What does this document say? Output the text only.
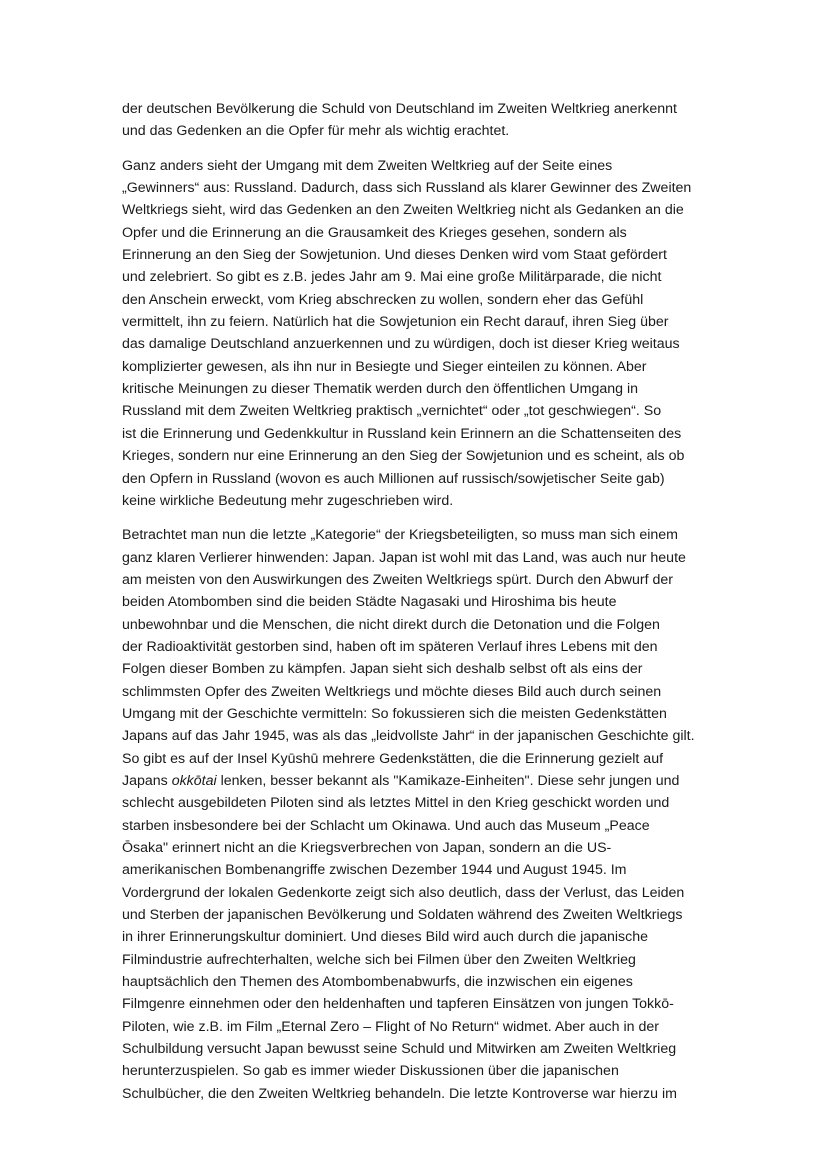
der deutschen Bevölkerung die Schuld von Deutschland im Zweiten Weltkrieg anerkennt
und das Gedenken an die Opfer für mehr als wichtig erachtet.
Ganz anders sieht der Umgang mit dem Zweiten Weltkrieg auf der Seite eines
„Gewinners“ aus: Russland. Dadurch, dass sich Russland als klarer Gewinner des Zweiten
Weltkriegs sieht, wird das Gedenken an den Zweiten Weltkrieg nicht als Gedanken an die
Opfer und die Erinnerung an die Grausamkeit des Krieges gesehen, sondern als
Erinnerung an den Sieg der Sowjetunion. Und dieses Denken wird vom Staat gefördert
und zelebriert. So gibt es z.B. jedes Jahr am 9. Mai eine große Militärparade, die nicht
den Anschein erweckt, vom Krieg abschrecken zu wollen, sondern eher das Gefühl
vermittelt, ihn zu feiern. Natürlich hat die Sowjetunion ein Recht darauf, ihren Sieg über
das damalige Deutschland anzuerkennen und zu würdigen, doch ist dieser Krieg weitaus
komplizierter gewesen, als ihn nur in Besiegte und Sieger einteilen zu können. Aber
kritische Meinungen zu dieser Thematik werden durch den öffentlichen Umgang in
Russland mit dem Zweiten Weltkrieg praktisch „vernichtet“ oder „tot geschwiegen“. So
ist die Erinnerung und Gedenkkultur in Russland kein Erinnern an die Schattenseiten des
Krieges, sondern nur eine Erinnerung an den Sieg der Sowjetunion und es scheint, als ob
den Opfern in Russland (wovon es auch Millionen auf russisch/sowjetischer Seite gab)
keine wirkliche Bedeutung mehr zugeschrieben wird.
Betrachtet man nun die letzte „Kategorie“ der Kriegsbeteiligten, so muss man sich einem
ganz klaren Verlierer hinwenden: Japan. Japan ist wohl mit das Land, was auch nur heute
am meisten von den Auswirkungen des Zweiten Weltkriegs spürt. Durch den Abwurf der
beiden Atombomben sind die beiden Städte Nagasaki und Hiroshima bis heute
unbewohnbar und die Menschen, die nicht direkt durch die Detonation und die Folgen
der Radioaktivität gestorben sind, haben oft im späteren Verlauf ihres Lebens mit den
Folgen dieser Bomben zu kämpfen. Japan sieht sich deshalb selbst oft als eins der
schlimmsten Opfer des Zweiten Weltkriegs und möchte dieses Bild auch durch seinen
Umgang mit der Geschichte vermitteln: So fokussieren sich die meisten Gedenkstätten
Japans auf das Jahr 1945, was als das „leidvollste Jahr“ in der japanischen Geschichte gilt.
So gibt es auf der Insel Kyūshū mehrere Gedenkstätten, die die Erinnerung gezielt auf
Japans okkōtai lenken, besser bekannt als "Kamikaze-Einheiten". Diese sehr jungen und
schlecht ausgebildeten Piloten sind als letztes Mittel in den Krieg geschickt worden und
starben insbesondere bei der Schlacht um Okinawa. Und auch das Museum „Peace
Ōsaka" erinnert nicht an die Kriegsverbrechen von Japan, sondern an die US-
amerikanischen Bombenangriffe zwischen Dezember 1944 und August 1945. Im
Vordergrund der lokalen Gedenkorte zeigt sich also deutlich, dass der Verlust, das Leiden
und Sterben der japanischen Bevölkerung und Soldaten während des Zweiten Weltkriegs
in ihrer Erinnerungskultur dominiert. Und dieses Bild wird auch durch die japanische
Filmindustrie aufrechterhalten, welche sich bei Filmen über den Zweiten Weltkrieg
hauptsächlich den Themen des Atombombenabwurfs, die inzwischen ein eigenes
Filmgenre einnehmen oder den heldenhaften und tapferen Einsätzen von jungen Tokkō-
Piloten, wie z.B. im Film „Eternal Zero – Flight of No Return“ widmet. Aber auch in der
Schulbildung versucht Japan bewusst seine Schuld und Mitwirken am Zweiten Weltkrieg
herunterzuspielen. So gab es immer wieder Diskussionen über die japanischen
Schulbücher, die den Zweiten Weltkrieg behandeln. Die letzte Kontroverse war hierzu im
